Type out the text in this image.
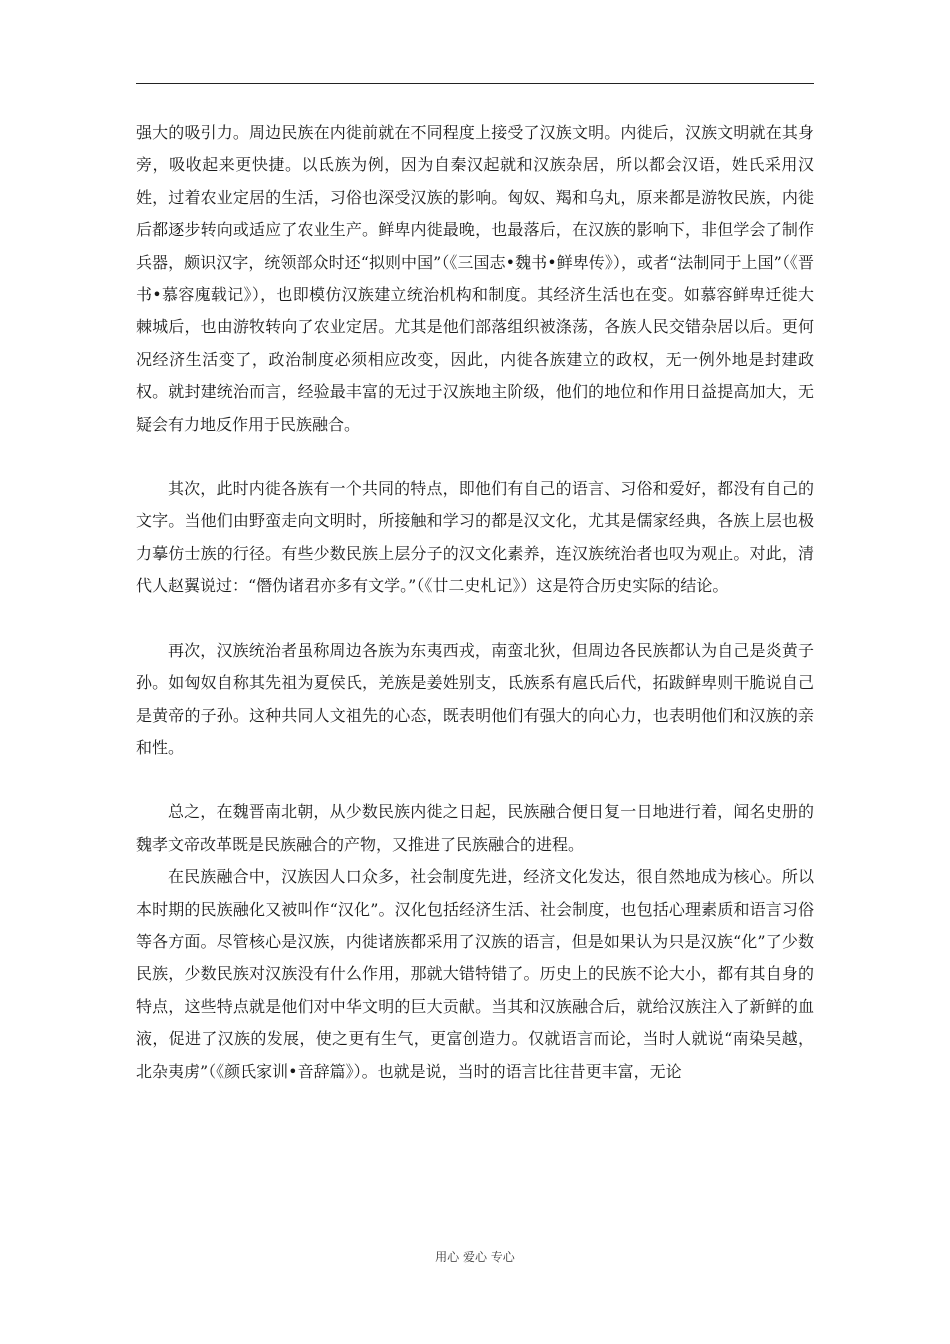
强大的吸引力。周边民族在内徙前就在不同程度上接受了汉族文明。内徙后，汉族文明就在其身旁，吸收起来更快捷。以氐族为例，因为自秦汉起就和汉族杂居，所以都会汉语，姓氏采用汉姓，过着农业定居的生活，习俗也深受汉族的影响。匈奴、羯和乌丸，原来都是游牧民族，内徙后都逐步转向或适应了农业生产。鲜卑内徙最晚，也最落后，在汉族的影响下，非但学会了制作兵器，颇识汉字，统领部众时还“拟则中国”（《三国志•魏书•鲜卑传》），或者“法制同于上国”（《晋书•慕容廆载记》），也即模仿汉族建立统治机构和制度。其经济生活也在变。如慕容鲜卑迁徙大棘城后，也由游牧转向了农业定居。尤其是他们部落组织被涤荡，各族人民交错杂居以后。更何况经济生活变了，政治制度必须相应改变，因此，内徙各族建立的政权，无一例外地是封建政权。就封建统治而言，经验最丰富的无过于汉族地主阶级，他们的地位和作用日益提高加大，无疑会有力地反作用于民族融合。

其次，此时内徙各族有一个共同的特点，即他们有自己的语言、习俗和爱好，都没有自己的文字。当他们由野蛮走向文明时，所接触和学习的都是汉文化，尤其是儒家经典，各族上层也极力摹仿士族的行径。有些少数民族上层分子的汉文化素养，连汉族统治者也叹为观止。对此，清代人赵翼说过：“僭伪诸君亦多有文学。”（《廿二史札记》）这是符合历史实际的结论。

再次，汉族统治者虽称周边各族为东夷西戎，南蛮北狄，但周边各民族都认为自己是炎黄子孙。如匈奴自称其先祖为夏侯氏，羌族是姜姓别支，氐族系有扈氏后代，拓跋鲜卑则干脆说自己是黄帝的子孙。这种共同人文祖先的心态，既表明他们有强大的向心力，也表明他们和汉族的亲和性。

总之，在魏晋南北朝，从少数民族内徙之日起，民族融合便日复一日地进行着，闻名史册的魏孝文帝改革既是民族融合的产物，又推进了民族融合的进程。

在民族融合中，汉族因人口众多，社会制度先进，经济文化发达，很自然地成为核心。所以本时期的民族融化又被叫作“汉化”。汉化包括经济生活、社会制度，也包括心理素质和语言习俗等各方面。尽管核心是汉族，内徙诸族都采用了汉族的语言，但是如果认为只是汉族“化”了少数民族，少数民族对汉族没有什么作用，那就大错特错了。历史上的民族不论大小，都有其自身的特点，这些特点就是他们对中华文明的巨大贡献。当其和汉族融合后，就给汉族注入了新鲜的血液，促进了汉族的发展，使之更有生气，更富创造力。仅就语言而论，当时人就说“南染吴越，北杂夷虏”（《颜氏家训•音辞篇》）。也就是说，当时的语言比往昔更丰富，无论

用心 爱心 专心
